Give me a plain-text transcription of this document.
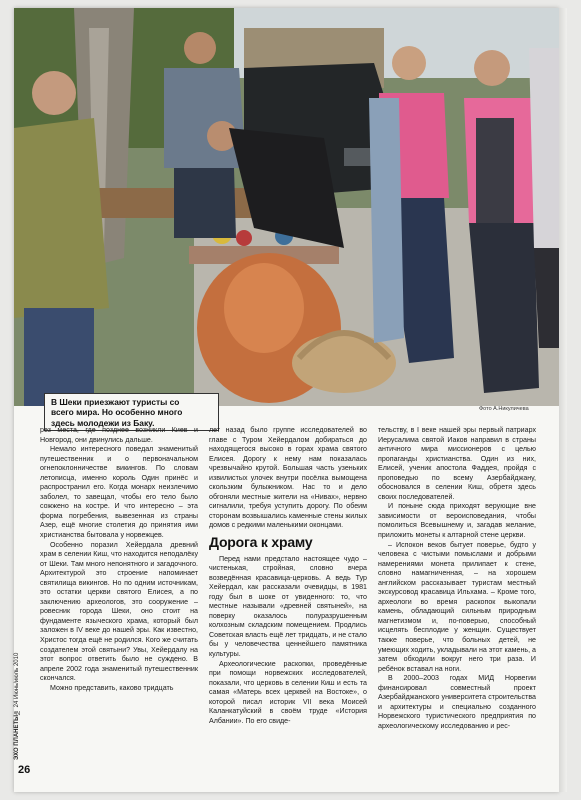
В Шеки приезжают туристы со
всего мира. Но особенно много
здесь молодежи из Баку.
Фото А.Никуличева

рез места, где позднее возникли Киев и Новгород, они двинулись дальше.

Немало интересного поведал знаменитый путешественник и о первоначальном огнепоклонничестве викингов. По словам летописца, именно король Один принёс и распространил его. Когда монарх неизлечимо заболел, то завещал, чтобы его тело было сожжено на костре. И что интересно – эта форма погребения, вывезенная из страны Азер, ещё многие столетия до принятия ими христианства бытовала у норвежцев.

Особенно поразил Хейердала древний храм в селении Киш, что находится неподалёку от Шеки. Там много непонятного и загадочного. Архитектурой это строение напоминает святилища викингов. Но по одним источникам, это остатки церкви святого Елисея, а по заключению археологов, это сооружение – ровесник города Шеки, оно стоит на фундаменте языческого храма, который был заложен в IV веке до нашей эры. Как известно, Христос тогда ещё не родился. Кого же считать создателем этой святыни? Увы, Хейердалу на этот вопрос ответить было не суждено. В апреле 2002 года знаменитый путешественник скончался.

Можно представить, каково тридцать

лет назад было группе исследователей во главе с Туром Хейердалом добираться до находящегося высоко в горах храма святого Елисея. Дорогу к нему нам показалась чрезвычайно крутой. Большая часть узеньких извилистых улочек внутри посёлка вымощена скользким булыжником. Нас то и дело обгоняли местные жители на «Нивах», нервно сигналили, требуя уступить дорогу. По обеим сторонам возвышались каменные стены жилых домов с редкими маленькими оконцами.

Дорога к храму

Перед нами предстало настоящее чудо – чистенькая, стройная, словно вчера возведённая красавица-церковь. А ведь Тур Хейердал, как рассказали очевидцы, в 1981 году был в шоке от увиденного: то, что местные называли «древней святыней», на поверку оказалось полуразрушенным колхозным складским помещением. Продлись Советская власть ещё лет тридцать, и не стало бы у человечества ценнейшего памятника культуры.

Археологические раскопки, проведённые при помощи норвежских исследователей, показали, что церковь в селении Киш и есть та самая «Матерь всех церквей на Востоке», о которой писал историк VII века Моисей Каланкатуйский в своём труде «История Албании». По его свиде-

тельству, в I веке нашей эры первый патриарх Иерусалима святой Иаков направил в страны античного мира миссионеров с целью пропаганды христианства. Один из них, Елисей, ученик апостола Фаддея, пройдя с проповедью по всему Азербайджану, обосновался в селении Киш, обретя здесь своих последователей.

И поныне сюда приходят верующие вне зависимости от вероисповедания, чтобы помолиться Всевышнему и, загадав желание, приложить монеты к алтарной стене церкви.

– Испокон веков бытует поверье, будто у человека с чистыми помыслами и добрыми намерениями монета прилипает к стене, словно намагниченная, – на хорошем английском рассказывает туристам местный экскурсовод красавица Ильхама. – Кроме того, археологи во время раскопок выкопали камень, обладающий сильным природным магнетизмом и, по-поверью, способный исцелять бесплодие у женщин. Существует также поверье, что больных детей, не умеющих ходить, укладывали на этот камень, а затем обходили вокруг него три раза. И ребёнок вставал на ноги.

В 2000–2003 годах МИД Норвегии финансировал совместный проект Азербайджанского университета строительства и архитектуры и специально созданного Норвежского туристического предприятия по археологическому исследованию и рес-

ЭХО ПЛАНЕТЫ№ 24 Июнь/июль 2010
26
